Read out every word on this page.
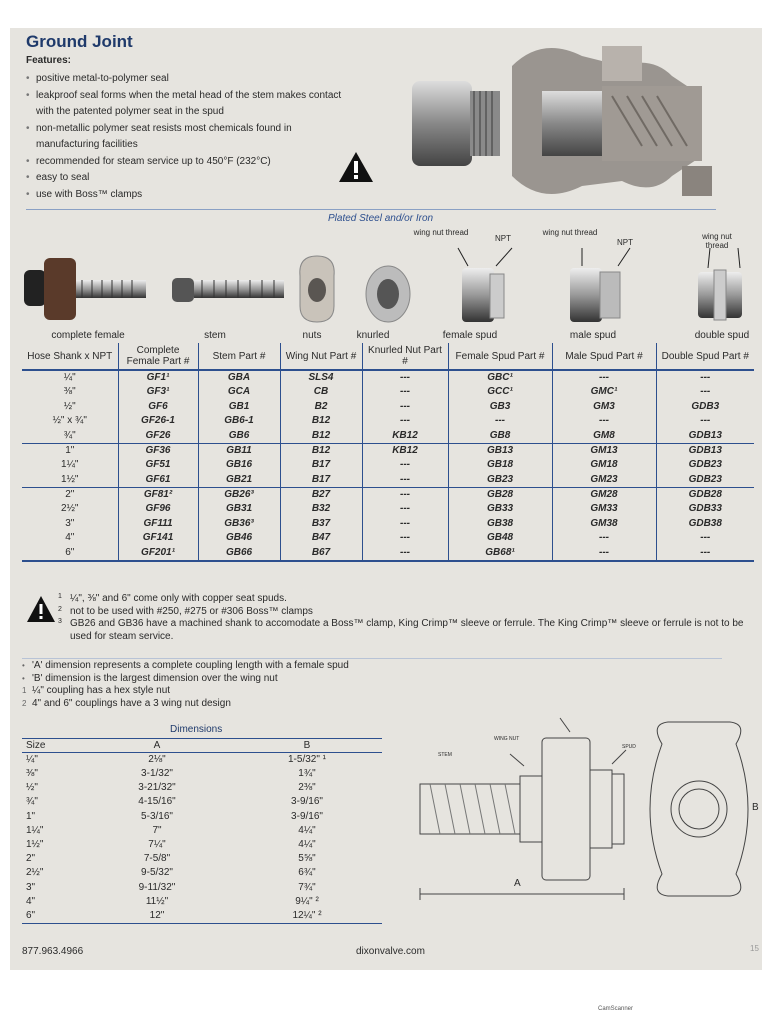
Ground Joint
Features:
• positive metal-to-polymer seal
• leakproof seal forms when the metal head of the stem makes contact with the patented polymer seat in the spud
• non-metallic polymer seat resists most chemicals found in manufacturing facilities
• recommended for steam service up to 450°F (232°C)
• easy to seal
• use with Boss™ clamps
Plated Steel and/or Iron
wing nut thread
NPT
wing nut thread
NPT
wing nut thread
complete female	stem	nuts	knurled	female spud	male spud	double spud
Hose Shank x NPT	Complete Female Part #	Stem Part #	Wing Nut Part #	Knurled Nut Part #	Female Spud Part #	Male Spud Part #	Double Spud Part #
¼"	GF1¹	GBA	SLS4	---	GBC¹	---	---
⅜"	GF3¹	GCA	CB	---	GCC¹	GMC¹	---
½"	GF6	GB1	B2	---	GB3	GM3	GDB3
½" x ¾"	GF26-1	GB6-1	B12	---	---	---	---
¾"	GF26	GB6	B12	KB12	GB8	GM8	GDB13
1"	GF36	GB11	B12	KB12	GB13	GM13	GDB13
1¼"	GF51	GB16	B17	---	GB18	GM18	GDB23
1½"	GF61	GB21	B17	---	GB23	GM23	GDB23
2"	GF81²	GB26³	B27	---	GB28	GM28	GDB28
2½"	GF96	GB31	B32	---	GB33	GM33	GDB33
3"	GF111	GB36³	B37	---	GB38	GM38	GDB38
4"	GF141	GB46	B47	---	GB48	---	---
6"	GF201¹	GB66	B67	---	GB68¹	---	---
1 ¼", ⅜" and 6" come only with copper seat spuds.
2 not to be used with #250, #275 or #306 Boss™ clamps
3 GB26 and GB36 have a machined shank to accomodate a Boss™ clamp, King Crimp™ sleeve or ferrule. The King Crimp™ sleeve or ferrule is not to be used for steam service.
• 'A' dimension represents a complete coupling length with a female spud
• 'B' dimension is the largest dimension over the wing nut
1 ¼" coupling has a hex style nut
2 4" and 6" couplings have a 3 wing nut design
Dimensions
Size	A	B
¼"	2⅛"	1-5/32" ¹
⅜"	3-1/32"	1¾"
½"	3-21/32"	2⅜"
¾"	4-15/16"	3-9/16"
1"	5-3/16"	3-9/16"
1¼"	7"	4¼"
1½"	7¼"	4¼"
2"	7-5/8"	5⅝"
2½"	9-5/32"	6¾"
3"	9-11/32"	7¾"
4"	11½"	9¼" ²
6"	12"	12¼" ²
STEM
WING NUT
SPUD
A
B
877.963.4966	dixonvalve.com	15
CamScanner
